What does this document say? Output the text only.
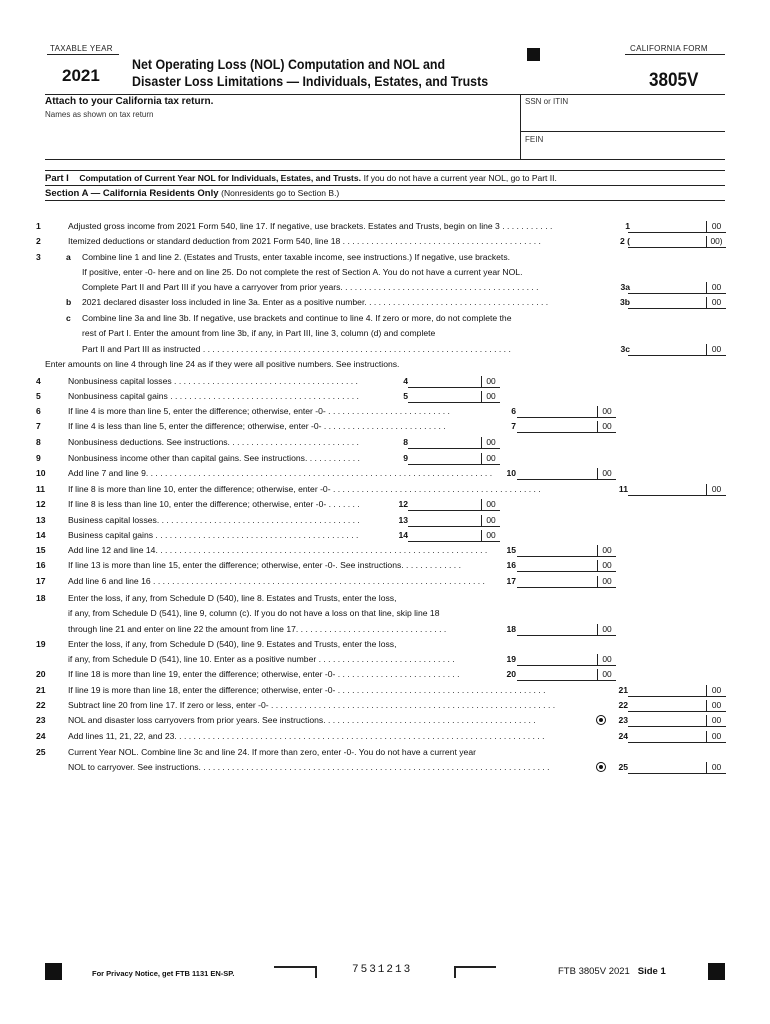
TAXABLE YEAR
2021
Net Operating Loss (NOL) Computation and NOL and
Disaster Loss Limitations — Individuals, Estates, and Trusts
CALIFORNIA FORM
3805V
Attach to your California tax return.
Names as shown on tax return
SSN or ITIN
FEIN
Part I Computation of Current Year NOL for Individuals, Estates, and Trusts. If you do not have a current year NOL, go to Part II.
Section A — California Residents Only (Nonresidents go to Section B.)
1	Adjusted gross income from 2021 Form 540, line 17. If negative, use brackets. Estates and Trusts, begin on line 3 . . . . . . . . . . .	1	00
2	Itemized deductions or standard deduction from 2021 Form 540, line 18 . . . . . . . . . . . . . . . . . . . . . . . . . . . . . . . . . . . . . . . . . .	2 (	00)
3	a Combine line 1 and line 2. (Estates and Trusts, enter taxable income, see instructions.) If negative, use brackets.
If positive, enter -0- here and on line 25. Do not complete the rest of Section A. You do not have a current year NOL.
Complete Part II and Part III if you have a carryover from prior years. . . . . . . . . . . . . . . . . . . . . . . . . . . . . . . . . . . . . . . . . .	3a	00
b 2021 declared disaster loss included in line 3a. Enter as a positive number. . . . . . . . . . . . . . . . . . . . . . . . . . . . . . . . . . . . . . .	3b	00
c Combine line 3a and line 3b. If negative, use brackets and continue to line 4. If zero or more, do not complete the
rest of Part I. Enter the amount from line 3b, if any, in Part III, line 3, column (d) and complete
Part II and Part III as instructed . . . . . . . . . . . . . . . . . . . . . . . . . . . . . . . . . . . . . . . . . . . . . . . . . . . . . . . . . . . . . . . . .	3c	00
Enter amounts on line 4 through line 24 as if they were all positive numbers. See instructions.
4	Nonbusiness capital losses . . . . . . . . . . . . . . . . . . . . . . . . . . . . . . . . . . . . . . .	4	00
5	Nonbusiness capital gains . . . . . . . . . . . . . . . . . . . . . . . . . . . . . . . . . . . . . . . .	5	00
6	If line 4 is more than line 5, enter the difference; otherwise, enter -0- . . . . . . . . . . . . . . . . . . . . . . . . . .	6	00
7	If line 4 is less than line 5, enter the difference; otherwise, enter -0- . . . . . . . . . . . . . . . . . . . . . . . . . .	7	00
8	Nonbusiness deductions. See instructions. . . . . . . . . . . . . . . . . . . . . . . . . . . .	8	00
9	Nonbusiness income other than capital gains. See instructions. . . . . . . . . . . .	9	00
10	Add line 7 and line 9. . . . . . . . . . . . . . . . . . . . . . . . . . . . . . . . . . . . . . . . . . . . . . . . . . . . . . . . . . . . . . . . . . . . . . . . .	10	00
11	If line 8 is more than line 10, enter the difference; otherwise, enter -0- . . . . . . . . . . . . . . . . . . . . . . . . . . . . . . . . . . . . . . . . . . . .	11	00
12	If line 8 is less than line 10, enter the difference; otherwise, enter -0- . . . . . . .	12	00
13	Business capital losses. . . . . . . . . . . . . . . . . . . . . . . . . . . . . . . . . . . . . . . . . . .	13	00
14	Business capital gains . . . . . . . . . . . . . . . . . . . . . . . . . . . . . . . . . . . . . . . . . . .	14	00
15	Add line 12 and line 14. . . . . . . . . . . . . . . . . . . . . . . . . . . . . . . . . . . . . . . . . . . . . . . . . . . . . . . . . . . . . . . . . . . . . .	15	00
16	If line 13 is more than line 15, enter the difference; otherwise, enter -0-. See instructions. . . . . . . . . . . . .	16	00
17	Add line 6 and line 16 . . . . . . . . . . . . . . . . . . . . . . . . . . . . . . . . . . . . . . . . . . . . . . . . . . . . . . . . . . . . . . . . . . . . . .	17	00
18	Enter the loss, if any, from Schedule D (540), line 8. Estates and Trusts, enter the loss,
if any, from Schedule D (541), line 9, column (c). If you do not have a loss on that line, skip line 18
through line 21 and enter on line 22 the amount from line 17. . . . . . . . . . . . . . . . . . . . . . . . . . . . . . . .	18	00
19	Enter the loss, if any, from Schedule D (540), line 9. Estates and Trusts, enter the loss,
if any, from Schedule D (541), line 10. Enter as a positive number . . . . . . . . . . . . . . . . . . . . . . . . . . . . .	19	00
20	If line 18 is more than line 19, enter the difference; otherwise, enter -0- . . . . . . . . . . . . . . . . . . . . . . . . . .	20	00
21	If line 19 is more than line 18, enter the difference; otherwise, enter -0- . . . . . . . . . . . . . . . . . . . . . . . . . . . . . . . . . . . . . . . . . . . .	21	00
22	Subtract line 20 from line 17. If zero or less, enter -0- . . . . . . . . . . . . . . . . . . . . . . . . . . . . . . . . . . . . . . . . . . . . . . . . . . . . . . . . . . . .	22	00
23	NOL and disaster loss carryovers from prior years. See instructions. . . . . . . . . . . . . . . . . . . . . . . . . . . . . . . . . . . . . . . . . . . . .	23	00
24	Add lines 11, 21, 22, and 23. . . . . . . . . . . . . . . . . . . . . . . . . . . . . . . . . . . . . . . . . . . . . . . . . . . . . . . . . . . . . . . . . . . . . . . . . . . . . .	24	00
25	Current Year NOL. Combine line 3c and line 24. If more than zero, enter -0-. You do not have a current year
NOL to carryover. See instructions. . . . . . . . . . . . . . . . . . . . . . . . . . . . . . . . . . . . . . . . . . . . . . . . . . . . . . . . . . . . . . . . . . . . . . . . . .	25	00
For Privacy Notice, get FTB 1131 EN-SP.	7531213	FTB 3805V 2021 Side 1
